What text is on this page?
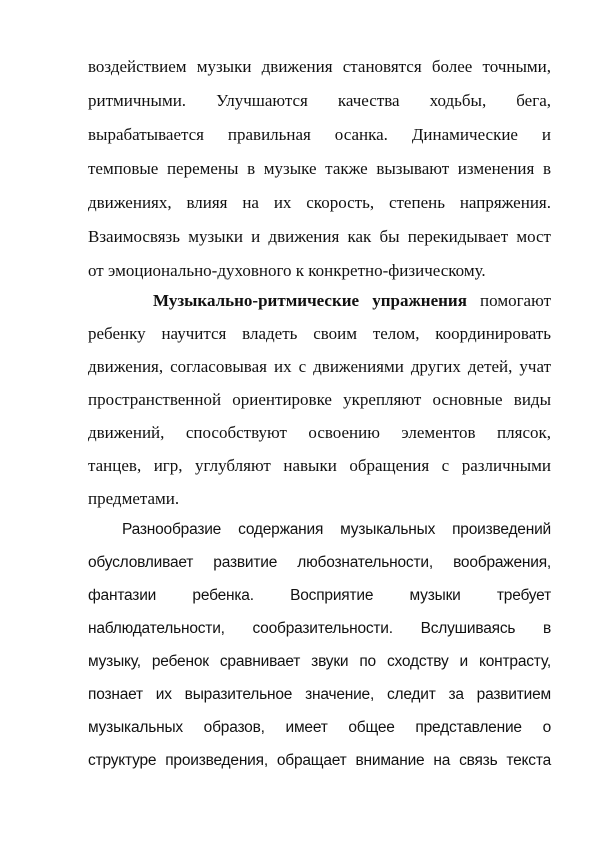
воздействием музыки движения становятся более точными,
ритмичными. Улучшаются качества ходьбы, бега,
вырабатывается правильная осанка. Динамические и
темповые перемены в музыке также вызывают изменения в
движениях, влияя на их скорость, степень напряжения.
Взаимосвязь музыки и движения как бы перекидывает мост
от эмоционально-духовного к конкретно-физическому.
Музыкально-ритмические упражнения помогают
ребенку научится владеть своим телом, координировать
движения, согласовывая их с движениями других детей, учат
пространственной ориентировке укрепляют основные виды
движений, способствуют освоению элементов плясок,
танцев, игр, углубляют навыки обращения с различными
предметами.
Разнообразие содержания музыкальных произведений
обусловливает развитие любознательности, воображения,
фантазии ребенка. Восприятие музыки требует
наблюдательности, сообразительности. Вслушиваясь в
музыку, ребенок сравнивает звуки по сходству и контрасту,
познает их выразительное значение, следит за развитием
музыкальных образов, имеет общее представление о
структуре произведения, обращает внимание на связь текста
